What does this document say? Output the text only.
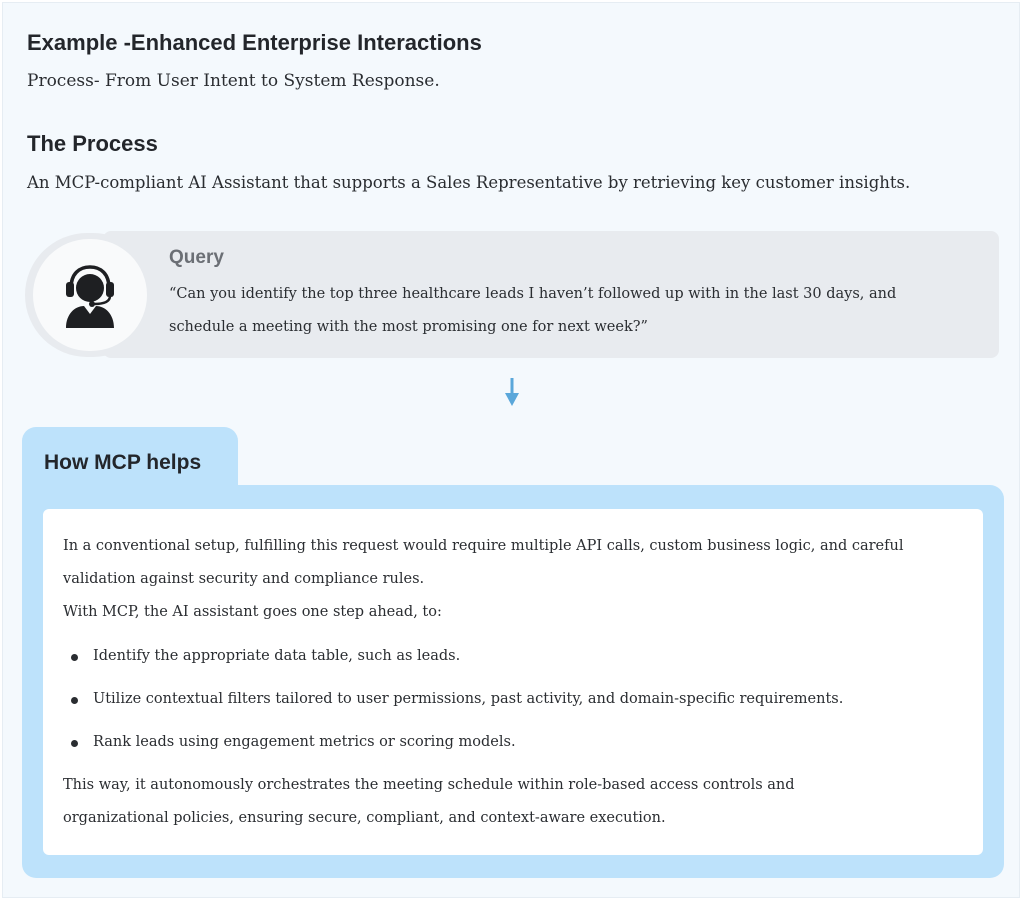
Example -Enhanced Enterprise Interactions

Process- From User Intent to System Response.

The Process

An MCP-compliant AI Assistant that supports a Sales Representative by retrieving key customer insights.

Query

“Can you identify the top three healthcare leads I haven’t followed up with in the last 30 days, and

schedule a meeting with the most promising one for next week?”

How MCP helps

In a conventional setup, fulfilling this request would require multiple API calls, custom business logic, and careful

validation against security and compliance rules.

With MCP, the AI assistant goes one step ahead, to:

Identify the appropriate data table, such as leads.

Utilize contextual filters tailored to user permissions, past activity, and domain-specific requirements.

Rank leads using engagement metrics or scoring models.

This way, it autonomously orchestrates the meeting schedule within role-based access controls and

organizational policies, ensuring secure, compliant, and context-aware execution.
